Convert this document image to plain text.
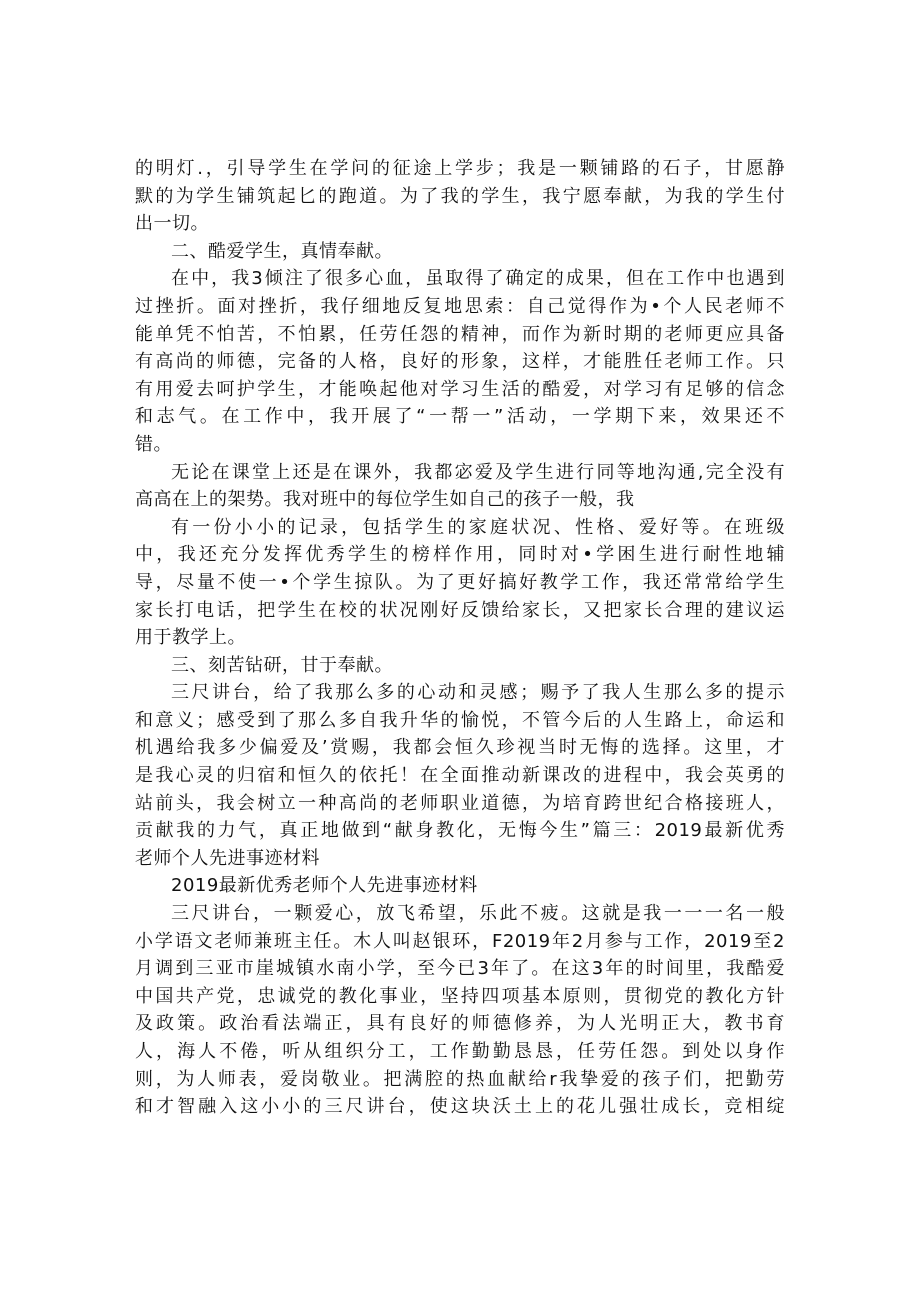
的明灯.，引导学生在学问的征途上学步；我是一颗铺路的石子，甘愿静
默的为学生铺筑起匕的跑道。为了我的学生，我宁愿奉献，为我的学生付
出一切。
二、酷爱学生，真情奉献。
在中，我3倾注了很多心血，虽取得了确定的成果，但在工作中也遇到
过挫折。面对挫折，我仔细地反复地思索：自己觉得作为•个人民老师不
能单凭不怕苦，不怕累，任劳任怨的精神，而作为新时期的老师更应具备
有高尚的师德，完备的人格，良好的形象，这样，才能胜任老师工作。只
有用爱去呵护学生，才能唤起他对学习生活的酷爱，对学习有足够的信念
和志气。在工作中，我开展了“一帮一”活动，一学期下来，效果还不
错。
无论在课堂上还是在课外，我都宓爱及学生进行同等地沟通,完全没有
高高在上的架势。我对班中的每位学生如自己的孩子一般，我
有一份小小的记录，包括学生的家庭状况、性格、爱好等。在班级
中，我还充分发挥优秀学生的榜样作用，同时对•学困生进行耐性地辅
导，尽量不使一•个学生掠队。为了更好搞好教学工作，我还常常给学生
家长打电话，把学生在校的状况刚好反馈给家长，又把家长合理的建议运
用于教学上。
三、刻苦钻研，甘于奉献。
三尺讲台，给了我那么多的心动和灵感；赐予了我人生那么多的提示
和意义；感受到了那么多自我升华的愉悦，不管今后的人生路上，命运和
机遇给我多少偏爱及’赏赐，我都会恒久珍视当时无悔的选择。这里，才
是我心灵的归宿和恒久的依托！在全面推动新课改的进程中，我会英勇的
站前头，我会树立一种高尚的老师职业道德，为培育跨世纪合格接班人，
贡献我的力气，真正地做到“献身教化，无悔今生”篇三：2019最新优秀
老师个人先进事迹材料
2019最新优秀老师个人先进事迹材料
三尺讲台，一颗爱心，放飞希望，乐此不疲。这就是我一一一名一般
小学语文老师兼班主任。木人叫赵银环，F2019年2月参与工作，2019至2
月调到三亚市崖城镇水南小学，至今已3年了。在这3年的时间里，我酷爱
中国共产党，忠诚党的教化事业，坚持四项基本原则，贯彻党的教化方针
及政策。政治看法端正，具有良好的师德修养，为人光明正大，教书育
人，海人不倦，听从组织分工，工作勤勤恳恳，任劳任怨。到处以身作
则，为人师表，爱岗敬业。把满腔的热血献给r我挚爱的孩子们，把勤劳
和才智融入这小小的三尺讲台，使这块沃土上的花儿强壮成长，竞相绽
